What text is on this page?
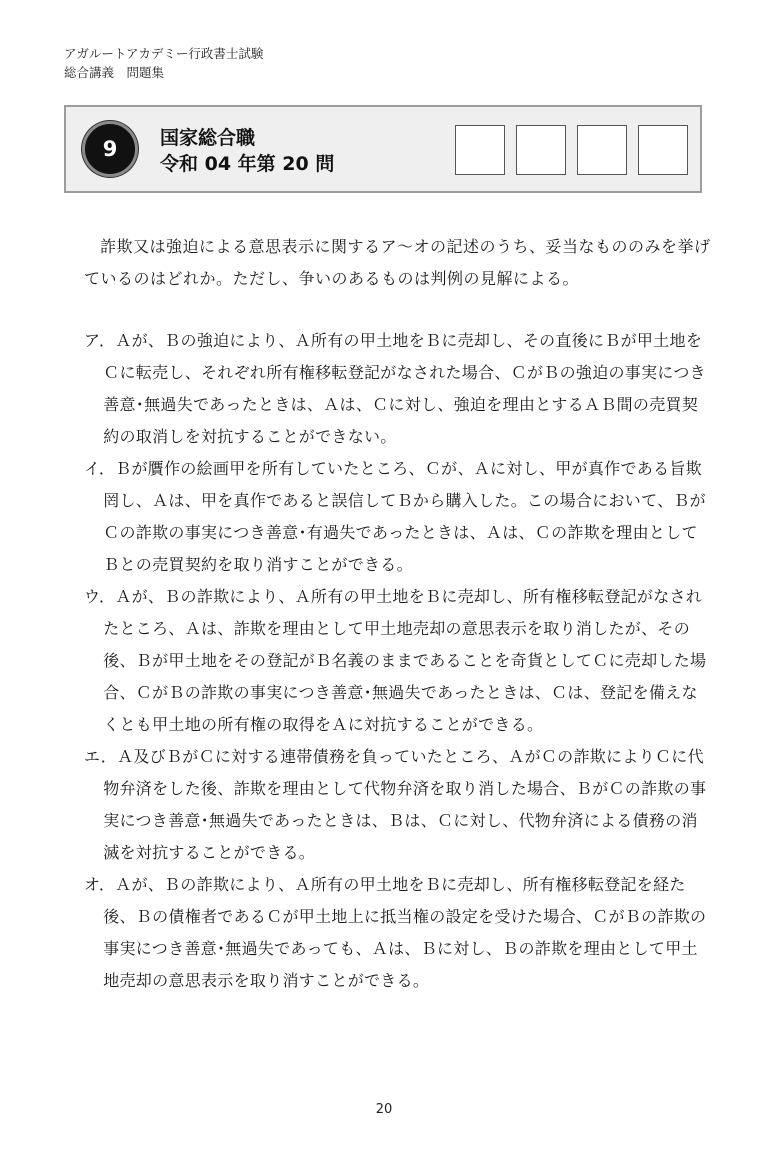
アガルートアカデミー行政書士試験
総合講義　問題集
9	国家総合職
令和 04 年第 20 問
詐欺又は強迫による意思表示に関するア～オの記述のうち、妥当なもののみを挙げているのはどれか。ただし、争いのあるものは判例の見解による。
ア．Ａが、Ｂの強迫により、Ａ所有の甲土地をＢに売却し、その直後にＢが甲土地をＣに転売し、それぞれ所有権移転登記がなされた場合、ＣがＢの強迫の事実につき善意･無過失であったときは、Ａは、Ｃに対し、強迫を理由とするＡＢ間の売買契約の取消しを対抗することができない。
イ．Ｂが贋作の絵画甲を所有していたところ、Ｃが、Ａに対し、甲が真作である旨欺罔し、Ａは、甲を真作であると誤信してＢから購入した。この場合において、ＢがＣの詐欺の事実につき善意･有過失であったときは、Ａは、Ｃの詐欺を理由としてＢとの売買契約を取り消すことができる。
ウ．Ａが、Ｂの詐欺により、Ａ所有の甲土地をＢに売却し、所有権移転登記がなされたところ、Ａは、詐欺を理由として甲土地売却の意思表示を取り消したが、その後、Ｂが甲土地をその登記がＢ名義のままであることを奇貨としてＣに売却した場合、ＣがＢの詐欺の事実につき善意･無過失であったときは、Ｃは、登記を備えなくとも甲土地の所有権の取得をＡに対抗することができる。
エ．Ａ及びＢがＣに対する連帯債務を負っていたところ、ＡがＣの詐欺によりＣに代物弁済をした後、詐欺を理由として代物弁済を取り消した場合、ＢがＣの詐欺の事実につき善意･無過失であったときは、Ｂは、Ｃに対し、代物弁済による債務の消滅を対抗することができる。
オ．Ａが、Ｂの詐欺により、Ａ所有の甲土地をＢに売却し、所有権移転登記を経た後、Ｂの債権者であるＣが甲土地上に抵当権の設定を受けた場合、ＣがＢの詐欺の事実につき善意･無過失であっても、Ａは、Ｂに対し、Ｂの詐欺を理由として甲土地売却の意思表示を取り消すことができる。
20
